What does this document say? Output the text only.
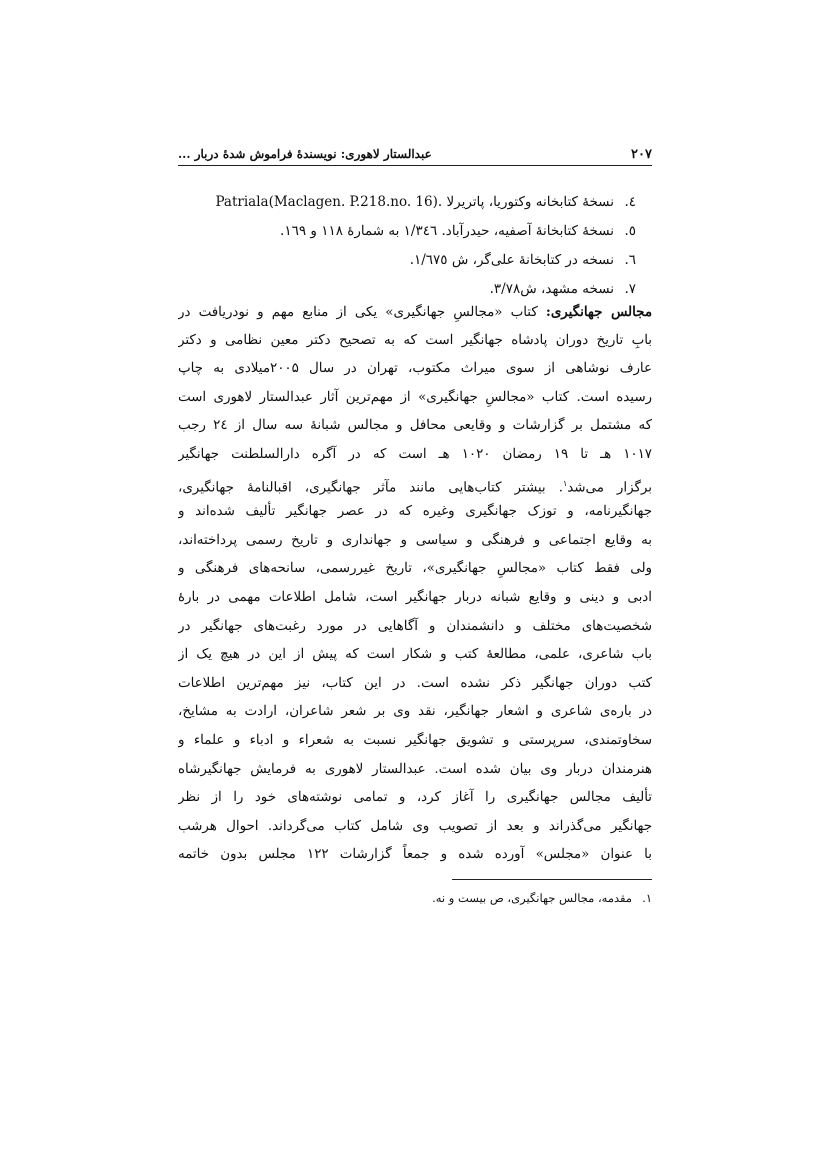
۲۰۷
عبدالستار لاهوری: نویسندهٔ فراموش شدهٔ دربار ...
٤.نسخهٔ کتابخانه وکتوریا، پاتریرلا .Patriala(Maclagen. P.218.no. 16)
٥.نسخهٔ کتابخانهٔ آصفیه، حیدرآباد. ١/٣٤٦ به شمارهٔ ١١٨ و ١٦٩.
٦.نسخه در کتابخانهٔ علی‌گر، ش ١/٦٧٥.
٧.نسخه مشهد، ش٣/٧٨.
مجالس جهانگیری: کتاب «مجالسِ جهانگیری» یکی از منابع مهم و نودریافت در
بابِ تاریخ دوران پادشاه جهانگیر است که به تصحیح دکتر معین نظامی و دکتر
عارف نوشاهی از سوی میراث مکتوب، تهران در سال ۲۰۰۵میلادی به چاپ
رسیده است. کتاب «مجالسِ جهانگیری» از مهم‌ترین آثار عبدالستار لاهوری است
که مشتمل بر گزارشات و وقایعی محافل و مجالس شبانهٔ سه سال از ٢٤ رجب
۱۰۱۷ هـ تا ١٩ رمضان ۱۰۲۰ هـ است که در آگره دارالسلطنت جهانگیر
برگزار می‌شد$^١$. بیشتر کتاب‌هایی مانند مآثر جهانگیری، اقبالنامهٔ جهانگیری،
جهانگیرنامه، و توزک جهانگیری وغیره که در عصر جهانگیر تألیف شده‌اند و
به وقایع اجتماعی و فرهنگی و سیاسی و جهانداری و تاریخ رسمی پرداخته‌اند،
ولی فقط کتاب «مجالسِ جهانگیری»، تاریخ غیررسمی، سانحه‌های فرهنگی و
ادبی و دینی و وقایع شبانه دربار جهانگیر است، شامل اطلاعات مهمی در بارهٔ
شخصیت‌های مختلف و دانشمندان و آگاهایی در مورد رغبت‌های جهانگیر در
باب شاعری، علمی، مطالعهٔ کتب و شکار است که پیش از این در هیچ یک از
کتب دوران جهانگیر ذکر نشده است. در این کتاب، نیز مهم‌ترین اطلاعات
در باره‌ی شاعری و اشعار جهانگیر، نقد وی بر شعر شاعران، ارادت به مشایخ،
سخاوتمندی، سرپرستی و تشویق جهانگیر نسبت به شعراء و ادباء و علماء و
هنرمندان دربار وی بیان شده است. عبدالستار لاهوری به فرمایش جهانگیرشاه
تألیف مجالس جهانگیری را آغاز کرد، و تمامی نوشته‌های خود را از نظر
جهانگیر می‌گذراند و بعد از تصویب وی شامل کتاب می‌گرداند. احوال هرشب
با عنوان «مجلس» آورده شده و جمعاً گزارشات ۱۲۲ مجلس بدون خاتمه

١.مقدمه، مجالس جهانگیری، ص بیست و نه.
